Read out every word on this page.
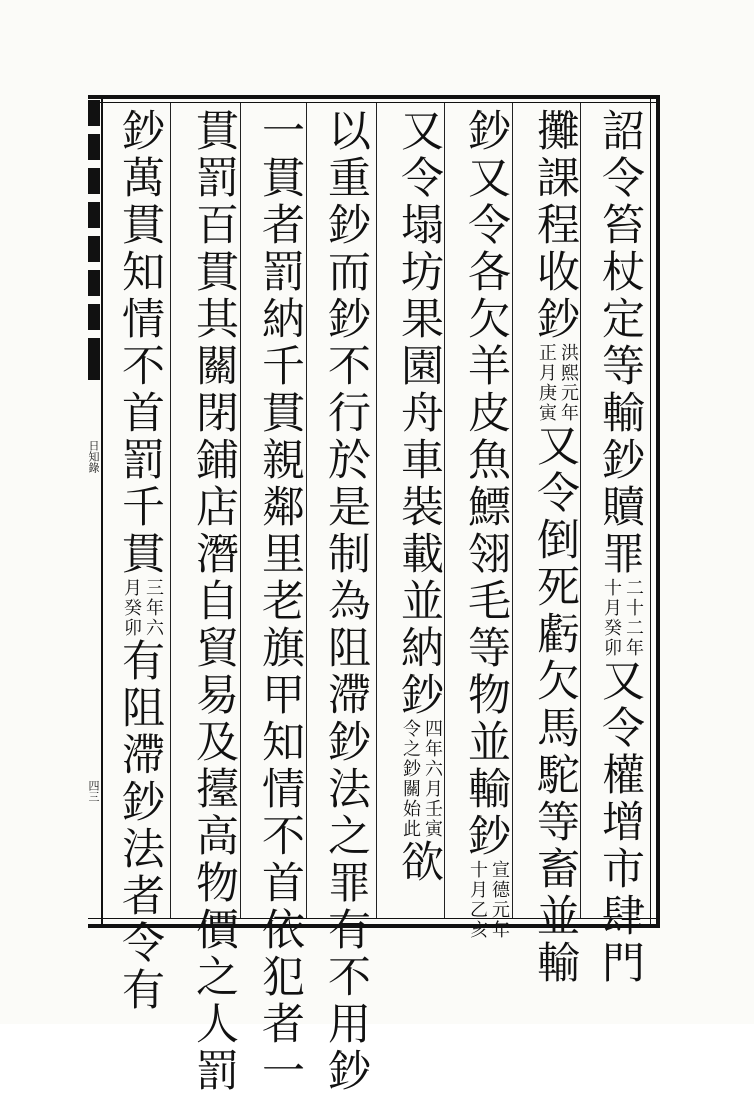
日知錄
四三
詔令笞杖定等輸鈔贖罪
二十二年
十月癸卯
又令權增市肆門
攤課程收鈔
洪熙元年
正月庚寅
又令倒死虧欠馬駝等畜並輸
鈔又令各欠羊皮魚鰾翎毛等物並輸鈔
宣德元年
十月乙亥
又令塌坊果園舟車裝載並納鈔
四年六月壬寅
令之鈔關始此
欲
以重鈔而鈔不行於是制為阻滯鈔法之罪有不用鈔
一貫者罰納千貫親鄰里老旗甲知情不首依犯者一
貫罰百貫其關閉鋪店潛自貿易及擡高物價之人罰
鈔萬貫知情不首罰千貫
三年六
月癸卯
有阻滯鈔法者令有
